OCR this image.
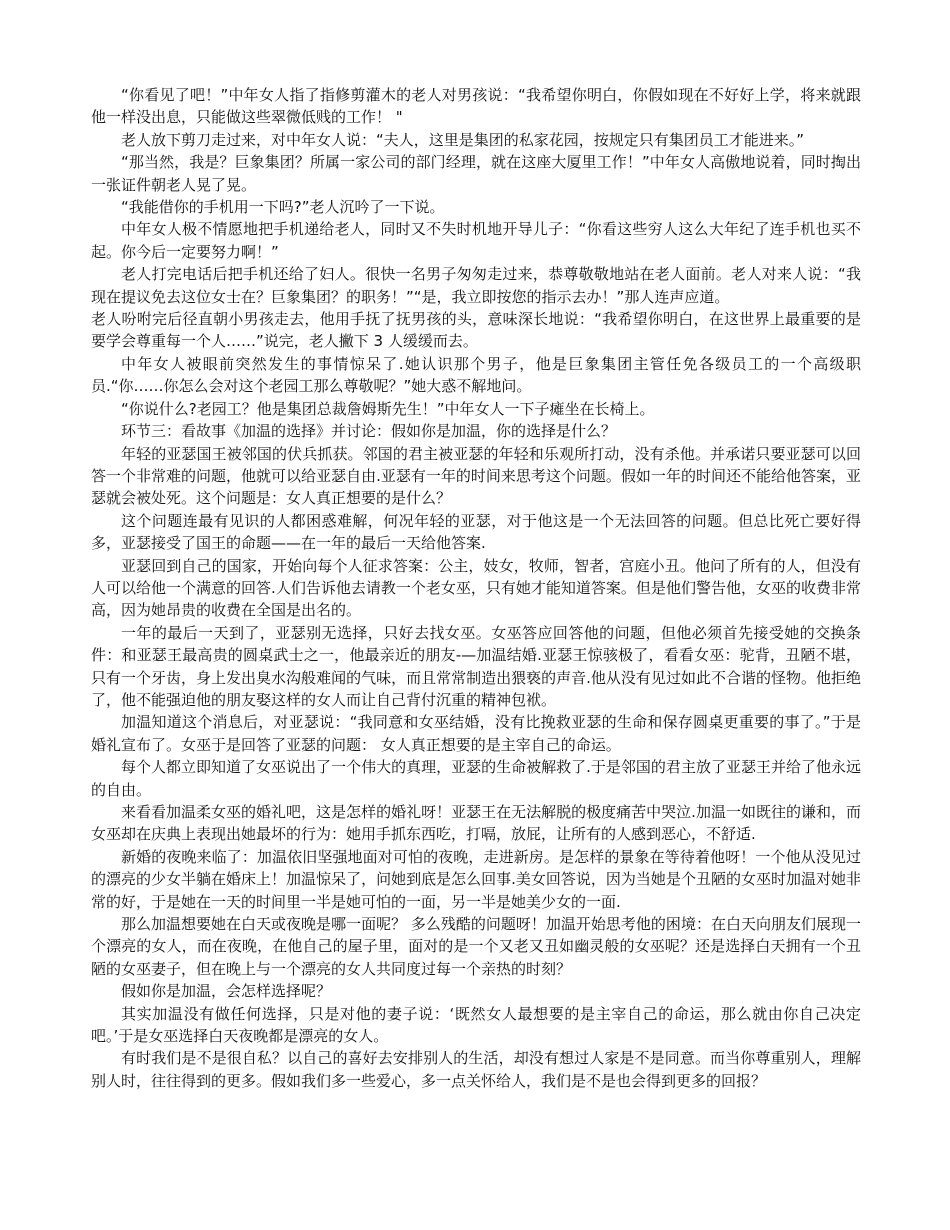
“你看见了吧！”中年女人指了指修剪灌木的老人对男孩说：“我希望你明白，你假如现在不好好上学，将来就跟他一样没出息，只能做这些翠微低贱的工作！ "

老人放下剪刀走过来，对中年女人说：“夫人，这里是集团的私家花园，按规定只有集团员工才能进来。”

“那当然，我是？巨象集团？所属一家公司的部门经理，就在这座大厦里工作！”中年女人高傲地说着，同时掏出一张证件朝老人晃了晃。

“我能借你的手机用一下吗?”老人沉吟了一下说。

中年女人极不情愿地把手机递给老人，同时又不失时机地开导儿子：“你看这些穷人这么大年纪了连手机也买不起。你今后一定要努力啊！”

老人打完电话后把手机还给了妇人。很快一名男子匆匆走过来，恭尊敬敬地站在老人面前。老人对来人说：“我现在提议免去这位女士在？巨象集团？的职务！”“是，我立即按您的指示去办！”那人连声应道。

老人吩咐完后径直朝小男孩走去，他用手抚了抚男孩的头，意味深长地说：“我希望你明白，在这世界上最重要的是要学会尊重每一个人……”说完，老人撇下 3 人缓缓而去。

中年女人被眼前突然发生的事情惊呆了.她认识那个男子，他是巨象集团主管任免各级员工的一个高级职员.“你……你怎么会对这个老园工那么尊敬呢？”她大惑不解地问。

“你说什么?老园工？他是集团总裁詹姆斯先生！”中年女人一下子瘫坐在长椅上。

环节三：看故事《加温的选择》并讨论：假如你是加温，你的选择是什么？

年轻的亚瑟国王被邻国的伏兵抓获。邻国的君主被亚瑟的年轻和乐观所打动，没有杀他。并承诺只要亚瑟可以回答一个非常难的问题，他就可以给亚瑟自由.亚瑟有一年的时间来思考这个问题。假如一年的时间还不能给他答案，亚瑟就会被处死。这个问题是：女人真正想要的是什么？

这个问题连最有见识的人都困惑难解，何况年轻的亚瑟，对于他这是一个无法回答的问题。但总比死亡要好得多，亚瑟接受了国王的命题——在一年的最后一天给他答案.

亚瑟回到自己的国家，开始向每个人征求答案：公主，妓女，牧师，智者，宫庭小丑。他问了所有的人，但没有人可以给他一个满意的回答.人们告诉他去请教一个老女巫，只有她才能知道答案。但是他们警告他，女巫的收费非常高，因为她昂贵的收费在全国是出名的。

一年的最后一天到了，亚瑟别无选择，只好去找女巫。女巫答应回答他的问题，但他必须首先接受她的交换条件：和亚瑟王最高贵的圆桌武士之一，他最亲近的朋友-—加温结婚.亚瑟王惊骇极了，看看女巫：驼背，丑陋不堪，只有一个牙齿，身上发出臭水沟般难闻的气味，而且常常制造出猥亵的声音.他从没有见过如此不合谐的怪物。他拒绝了，他不能强迫他的朋友娶这样的女人而让自己背付沉重的精神包袱。

加温知道这个消息后，对亚瑟说：“我同意和女巫结婚，没有比挽救亚瑟的生命和保存圆桌更重要的事了。”于是婚礼宣布了。女巫于是回答了亚瑟的问题： 女人真正想要的是主宰自己的命运。

每个人都立即知道了女巫说出了一个伟大的真理，亚瑟的生命被解救了.于是邻国的君主放了亚瑟王并给了他永远的自由。

来看看加温柔女巫的婚礼吧，这是怎样的婚礼呀！亚瑟王在无法解脱的极度痛苦中哭泣.加温一如既往的谦和，而女巫却在庆典上表现出她最坏的行为：她用手抓东西吃，打嗝，放屁，让所有的人感到恶心，不舒适.

新婚的夜晚来临了：加温依旧坚强地面对可怕的夜晚，走进新房。是怎样的景象在等待着他呀！一个他从没见过的漂亮的少女半躺在婚床上！加温惊呆了，问她到底是怎么回事.美女回答说，因为当她是个丑陋的女巫时加温对她非常的好，于是她在一天的时间里一半是她可怕的一面，另一半是她美少女的一面.

那么加温想要她在白天或夜晚是哪一面呢？ 多么残酷的问题呀！加温开始思考他的困境：在白天向朋友们展现一个漂亮的女人，而在夜晚，在他自己的屋子里，面对的是一个又老又丑如幽灵般的女巫呢？还是选择白天拥有一个丑陋的女巫妻子，但在晚上与一个漂亮的女人共同度过每一个亲热的时刻？

假如你是加温，会怎样选择呢？

其实加温没有做任何选择，只是对他的妻子说：‘既然女人最想要的是主宰自己的命运，那么就由你自己决定吧。’于是女巫选择白天夜晚都是漂亮的女人。

有时我们是不是很自私？以自己的喜好去安排别人的生活，却没有想过人家是不是同意。而当你尊重别人，理解别人时，往往得到的更多。假如我们多一些爱心，多一点关怀给人，我们是不是也会得到更多的回报？
